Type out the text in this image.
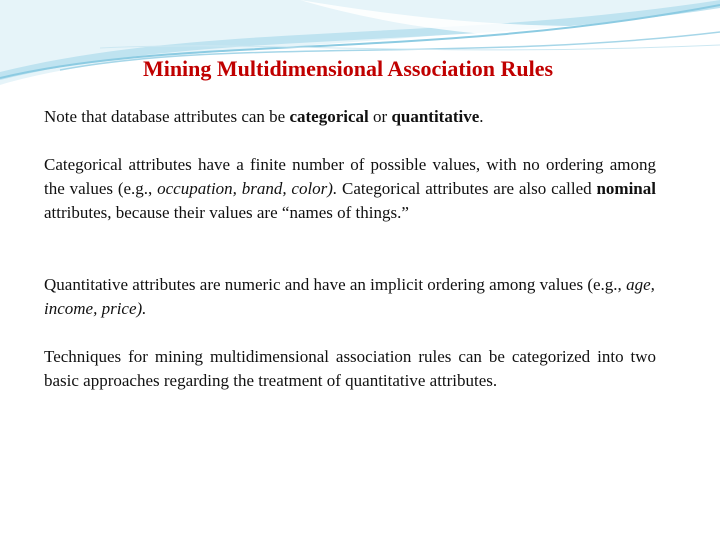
Mining Multidimensional Association Rules

Note that database attributes can be categorical or quantitative.

Categorical attributes have a finite number of possible values, with no ordering among the values (e.g., occupation, brand, color). Categorical attributes are also called nominal attributes, because their values are “names of things.”

Quantitative attributes are numeric and have an implicit ordering among values (e.g., age, income, price).

Techniques for mining multidimensional association rules can be categorized into two basic approaches regarding the treatment of quantitative attributes.
